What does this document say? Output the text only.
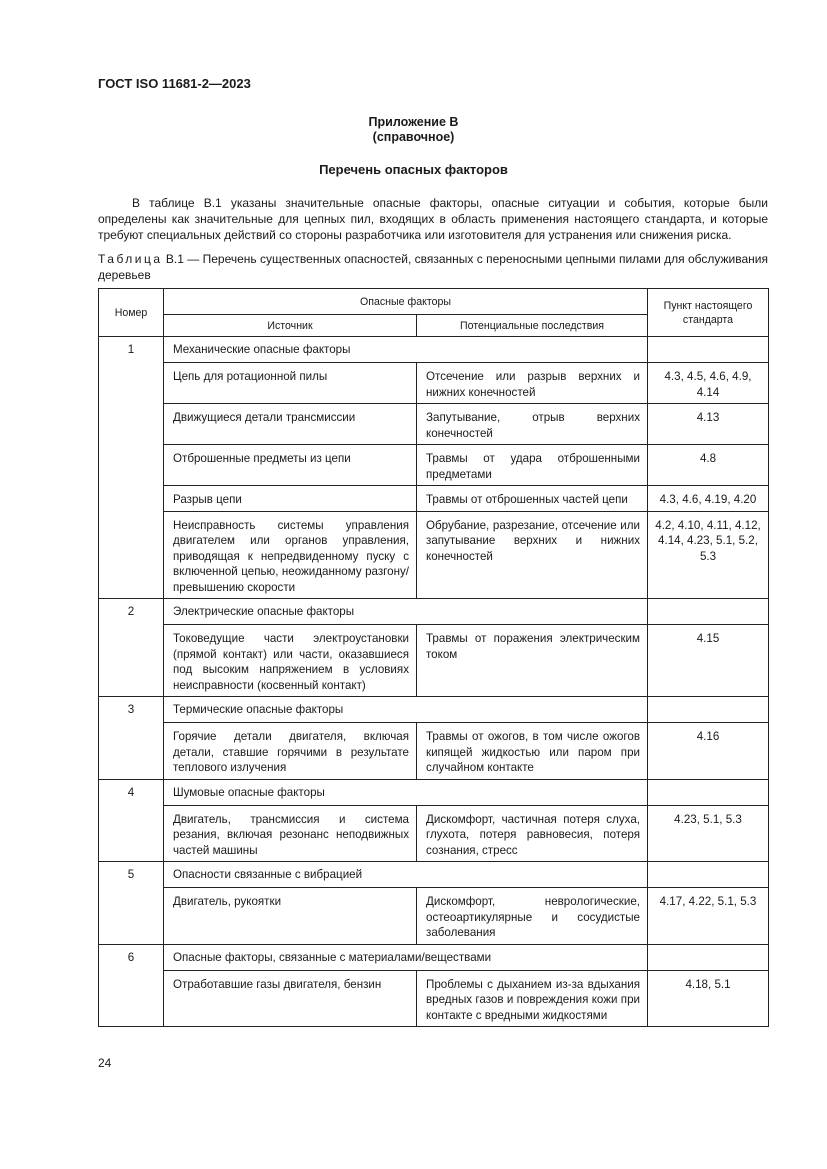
ГОСТ ISO 11681-2—2023
Приложение В
(справочное)
Перечень опасных факторов

В таблице В.1 указаны значительные опасные факторы, опасные ситуации и события, которые были определены как значительные для цепных пил, входящих в область применения настоящего стандарта, и которые требуют специальных действий со стороны разработчика или изготовителя для устранения или снижения риска.

Таблица В.1 — Перечень существенных опасностей, связанных с переносными цепными пилами для обслуживания деревьев

Номер	Опасные факторы		Пункт настоящего стандарта
	Источник	Потенциальные последствия	
1	Механические опасные факторы		
	Цепь для ротационной пилы	Отсечение или разрыв верхних и нижних конечностей	4.3, 4.5, 4.6, 4.9, 4.14
	Движущиеся детали трансмиссии	Запутывание, отрыв верхних конечностей	4.13
	Отброшенные предметы из цепи	Травмы от удара отброшенными предметами	4.8
	Разрыв цепи	Травмы от отброшенных частей цепи	4.3, 4.6, 4.19, 4.20
	Неисправность системы управления двигателем или органов управления, приводящая к непредвиденному пуску с включенной цепью, неожиданному разгону/превышению скорости	Обрубание, разрезание, отсечение или запутывание верхних и нижних конечностей	4.2, 4.10, 4.11, 4.12, 4.14, 4.23, 5.1, 5.2, 5.3
2	Электрические опасные факторы		
	Токоведущие части электроустановки (прямой контакт) или части, оказавшиеся под высоким напряжением в условиях неисправности (косвенный контакт)	Травмы от поражения электрическим током	4.15
3	Термические опасные факторы		
	Горячие детали двигателя, включая детали, ставшие горячими в результате теплового излучения	Травмы от ожогов, в том числе ожогов кипящей жидкостью или паром при случайном контакте	4.16
4	Шумовые опасные факторы		
	Двигатель, трансмиссия и система резания, включая резонанс неподвижных частей машины	Дискомфорт, частичная потеря слуха, глухота, потеря равновесия, потеря сознания, стресс	4.23, 5.1, 5.3
5	Опасности связанные с вибрацией		
	Двигатель, рукоятки	Дискомфорт, неврологические, остеоартикулярные и сосудистые заболевания	4.17, 4.22, 5.1, 5.3
6	Опасные факторы, связанные с материалами/веществами		
	Отработавшие газы двигателя, бензин	Проблемы с дыханием из-за вдыхания вредных газов и повреждения кожи при контакте с вредными жидкостями	4.18, 5.1
24
